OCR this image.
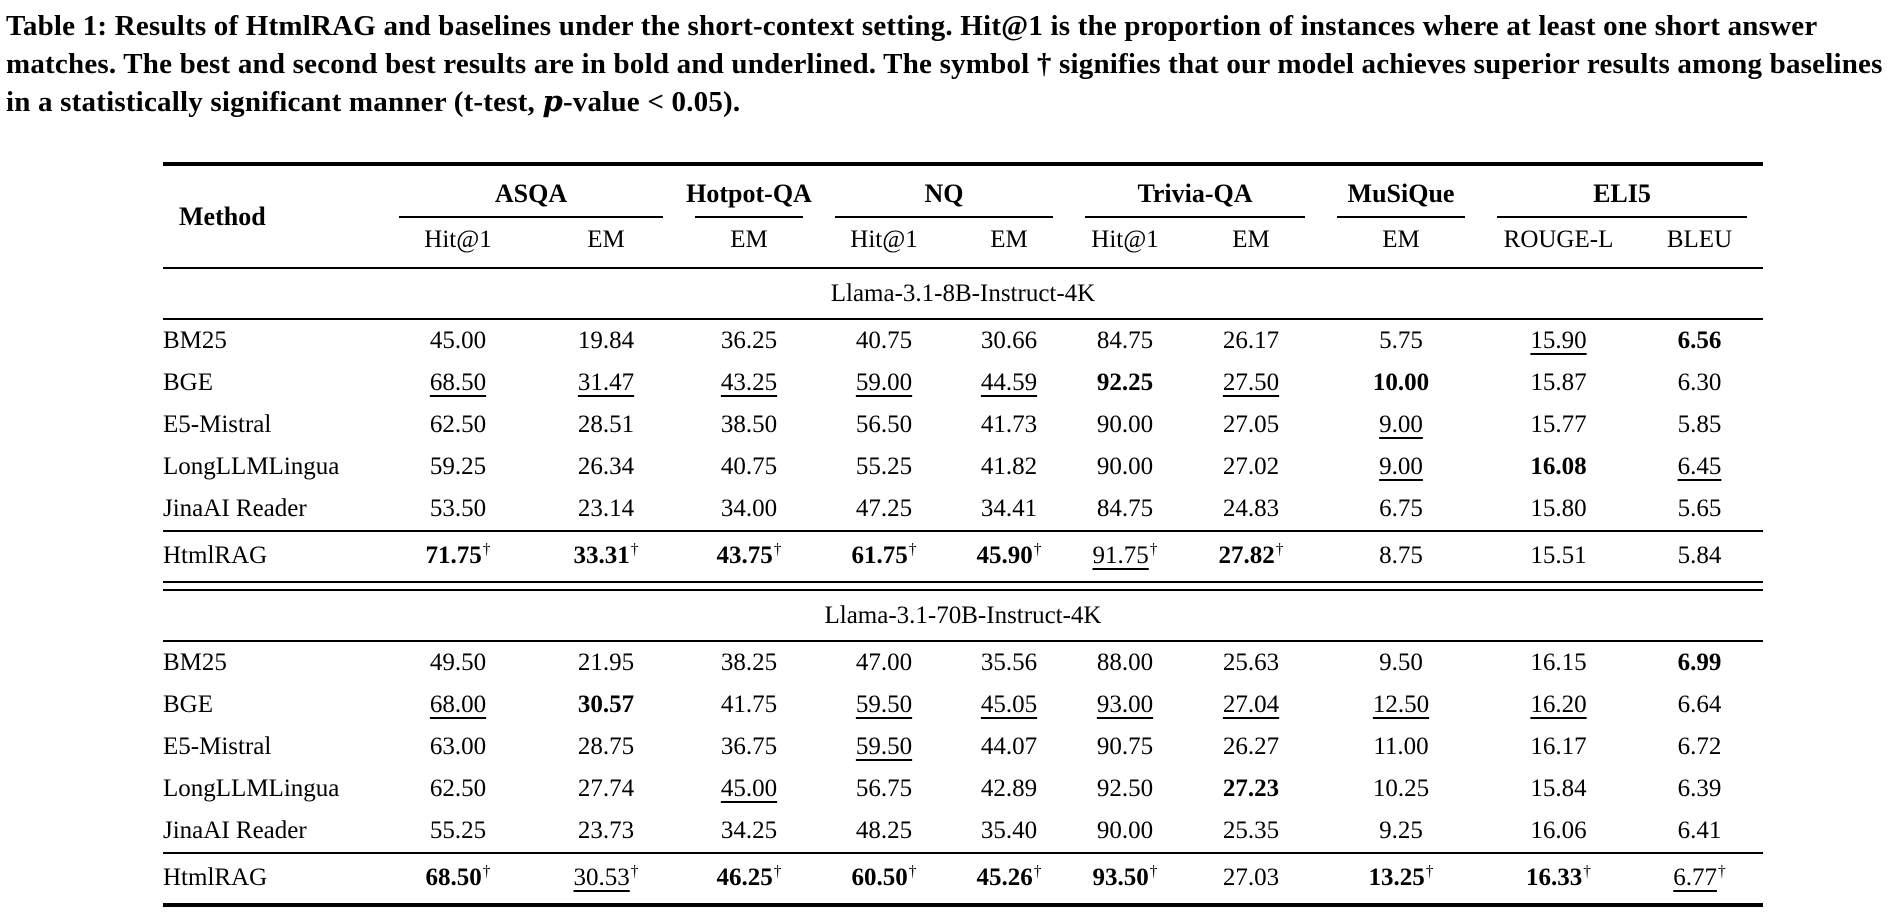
Table 1: Results of HtmlRAG and baselines under the short-context setting. Hit@1 is the proportion of instances where at least one short answer matches. The best and second best results are in bold and underlined. The symbol † signifies that our model achieves superior results among baselines in a statistically significant manner (t-test, p-value < 0.05).

Method	ASQA		Hotpot-QA	NQ		Trivia-QA		MuSiQue	ELI5	

	Hit@1	EM	EM	Hit@1	EM	Hit@1	EM	EM	ROUGE-L	BLEU
Llama-3.1-8B-Instruct-4K										
BM25	45.00	19.84	36.25	40.75	30.66	84.75	26.17	5.75	15.90	6.56
BGE	68.50	31.47	43.25	59.00	44.59	92.25	27.50	10.00	15.87	6.30
E5-Mistral	62.50	28.51	38.50	56.50	41.73	90.00	27.05	9.00	15.77	5.85
LongLLMLingua	59.25	26.34	40.75	55.25	41.82	90.00	27.02	9.00	16.08	6.45
JinaAI Reader	53.50	23.14	34.00	47.25	34.41	84.75	24.83	6.75	15.80	5.65
HtmlRAG	71.75†	33.31†	43.75†	61.75†	45.90†	91.75†	27.82†	8.75	15.51	5.84

Llama-3.1-70B-Instruct-4K										
BM25	49.50	21.95	38.25	47.00	35.56	88.00	25.63	9.50	16.15	6.99
BGE	68.00	30.57	41.75	59.50	45.05	93.00	27.04	12.50	16.20	6.64
E5-Mistral	63.00	28.75	36.75	59.50	44.07	90.75	26.27	11.00	16.17	6.72
LongLLMLingua	62.50	27.74	45.00	56.75	42.89	92.50	27.23	10.25	15.84	6.39
JinaAI Reader	55.25	23.73	34.25	48.25	35.40	90.00	25.35	9.25	16.06	6.41
HtmlRAG	68.50†	30.53†	46.25†	60.50†	45.26†	93.50†	27.03	13.25†	16.33†	6.77†
